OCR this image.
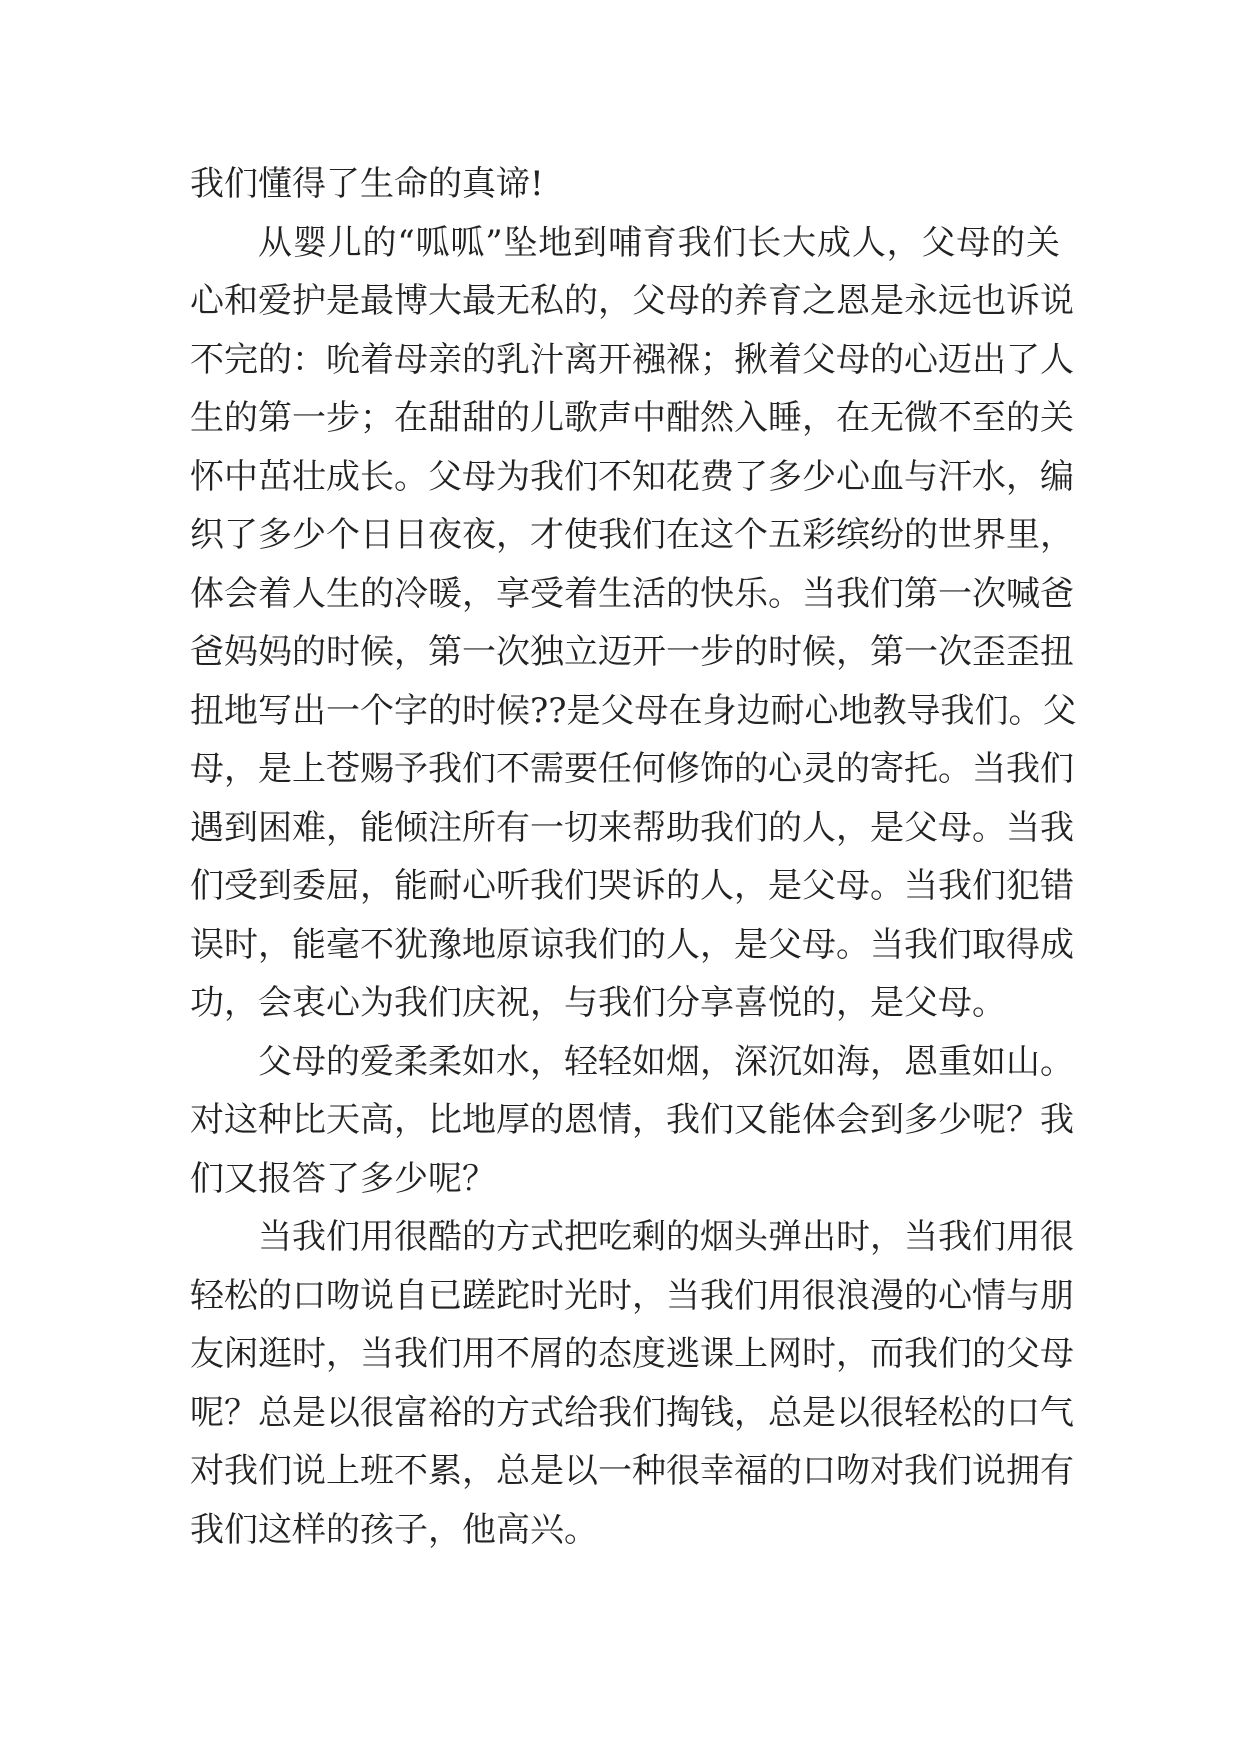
我们懂得了生命的真谛!
从婴儿的“呱呱”坠地到哺育我们长大成人，父母的关
心和爱护是最博大最无私的，父母的养育之恩是永远也诉说
不完的：吮着母亲的乳汁离开襁褓；揪着父母的心迈出了人
生的第一步；在甜甜的儿歌声中酣然入睡，在无微不至的关
怀中茁壮成长。父母为我们不知花费了多少心血与汗水，编
织了多少个日日夜夜，才使我们在这个五彩缤纷的世界里，
体会着人生的冷暖，享受着生活的快乐。当我们第一次喊爸
爸妈妈的时候，第一次独立迈开一步的时候，第一次歪歪扭
扭地写出一个字的时候??是父母在身边耐心地教导我们。父
母，是上苍赐予我们不需要任何修饰的心灵的寄托。当我们
遇到困难，能倾注所有一切来帮助我们的人，是父母。当我
们受到委屈，能耐心听我们哭诉的人，是父母。当我们犯错
误时，能毫不犹豫地原谅我们的人，是父母。当我们取得成
功，会衷心为我们庆祝，与我们分享喜悦的，是父母。
父母的爱柔柔如水，轻轻如烟，深沉如海，恩重如山。
对这种比天高，比地厚的恩情，我们又能体会到多少呢？我
们又报答了多少呢？
当我们用很酷的方式把吃剩的烟头弹出时，当我们用很
轻松的口吻说自已蹉跎时光时，当我们用很浪漫的心情与朋
友闲逛时，当我们用不屑的态度逃课上网时，而我们的父母
呢？总是以很富裕的方式给我们掏钱，总是以很轻松的口气
对我们说上班不累，总是以一种很幸福的口吻对我们说拥有
我们这样的孩子，他高兴。
